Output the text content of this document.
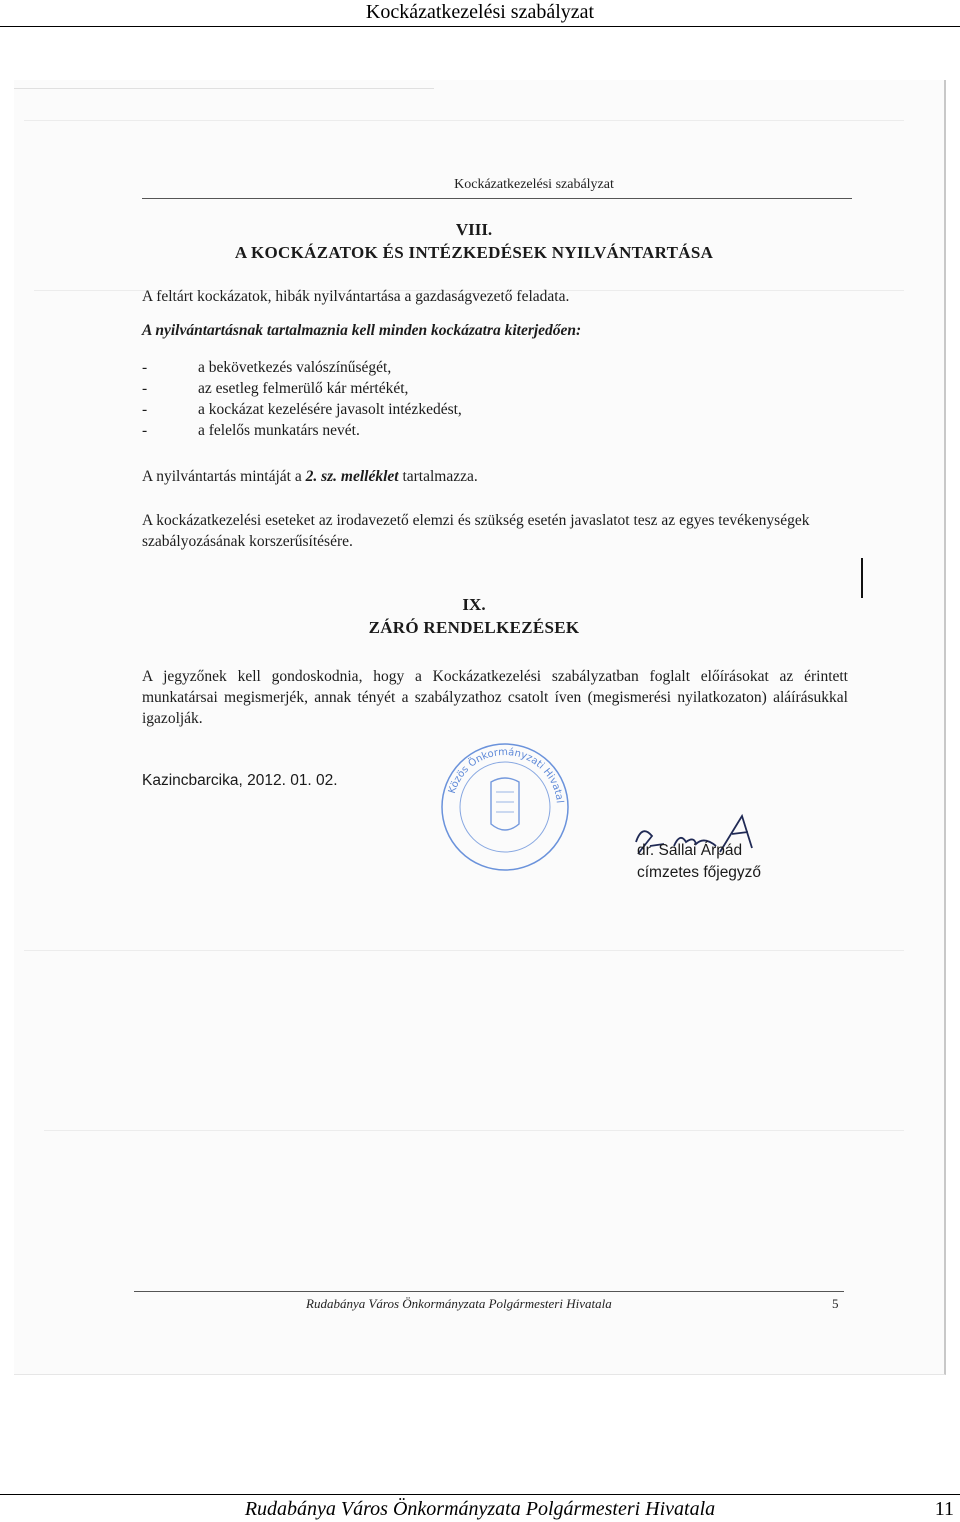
Kockázatkezelési szabályzat
Kockázatkezelési szabályzat
VIII.
A KOCKÁZATOK ÉS INTÉZKEDÉSEK NYILVÁNTARTÁSA
A feltárt kockázatok, hibák nyilvántartása a gazdaságvezető feladata.
A nyilvántartásnak tartalmaznia kell minden kockázatra kiterjedően:
-	a bekövetkezés valószínűségét,
-	az esetleg felmerülő kár mértékét,
-	a kockázat kezelésére javasolt intézkedést,
-	a felelős munkatárs nevét.
A nyilvántartás mintáját a 2. sz. melléklet tartalmazza.
A kockázatkezelési eseteket az irodavezető elemzi és szükség esetén javaslatot tesz az egyes tevékenységek szabályozásának korszerűsítésére.
IX.
ZÁRÓ RENDELKEZÉSEK
A jegyzőnek kell gondoskodnia, hogy a Kockázatkezelési szabályzatban foglalt előírásokat az érintett munkatársai megismerjék, annak tényét a szabályzathoz csatolt íven (megismerési nyilatkozaton) aláírásukkal igazolják.
Kazincbarcika, 2012. 01. 02.
Közös Önkormányzati Hivatal
dr. Sallai Árpád
címzetes főjegyző
Rudabánya Város Önkormányzata Polgármesteri Hivatala	5
Rudabánya Város Önkormányzata Polgármesteri Hivatala	11
